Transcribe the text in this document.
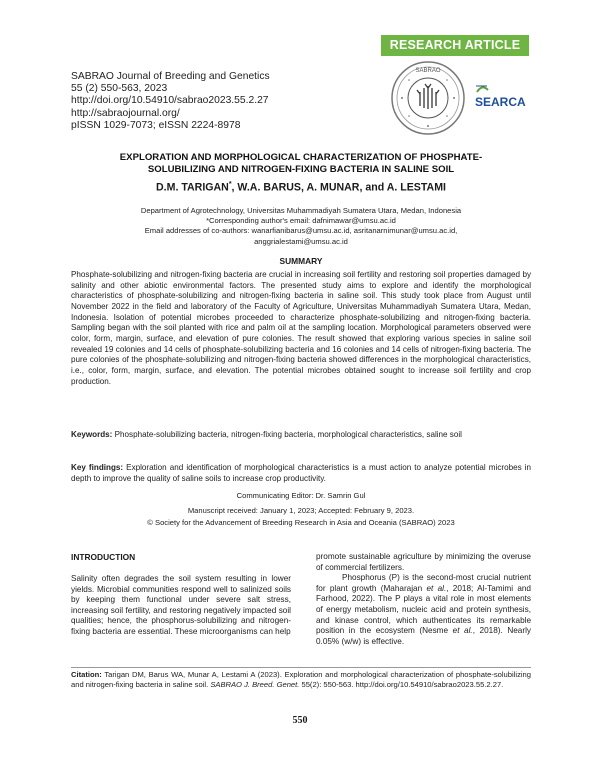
RESEARCH ARTICLE
SABRAO Journal of Breeding and Genetics
55 (2) 550-563, 2023
http://doi.org/10.54910/sabrao2023.55.2.27
http://sabraojournal.org/
pISSN 1029-7073; eISSN 2224-8978
SABRAO
SEARCA
EXPLORATION AND MORPHOLOGICAL CHARACTERIZATION OF PHOSPHATE-
SOLUBILIZING AND NITROGEN-FIXING BACTERIA IN SALINE SOIL
D.M. TARIGAN*, W.A. BARUS, A. MUNAR, and A. LESTAMI
Department of Agrotechnology, Universitas Muhammadiyah Sumatera Utara, Medan, Indonesia
*Corresponding author's email: dafnimawar@umsu.ac.id
Email addresses of co-authors: wanarfianibarus@umsu.ac.id, asritanarnimunar@umsu.ac.id,
anggrialestami@umsu.ac.id
SUMMARY
Phosphate-solubilizing and nitrogen-fixing bacteria are crucial in increasing soil fertility and restoring soil properties damaged by salinity and other abiotic environmental factors. The presented study aims to explore and identify the morphological characteristics of phosphate-solubilizing and nitrogen-fixing bacteria in saline soil. This study took place from August until November 2022 in the field and laboratory of the Faculty of Agriculture, Universitas Muhammadiyah Sumatera Utara, Medan, Indonesia. Isolation of potential microbes proceeded to characterize phosphate-solubilizing and nitrogen-fixing bacteria. Sampling began with the soil planted with rice and palm oil at the sampling location. Morphological parameters observed were color, form, margin, surface, and elevation of pure colonies. The result showed that exploring various species in saline soil revealed 19 colonies and 14 cells of phosphate-solubilizing bacteria and 16 colonies and 14 cells of nitrogen-fixing bacteria. The pure colonies of the phosphate-solubilizing and nitrogen-fixing bacteria showed differences in the morphological characteristics, i.e., color, form, margin, surface, and elevation. The potential microbes obtained sought to increase soil fertility and crop production.
Keywords: Phosphate-solubilizing bacteria, nitrogen-fixing bacteria, morphological characteristics, saline soil
Key findings: Exploration and identification of morphological characteristics is a must action to analyze potential microbes in depth to improve the quality of saline soils to increase crop productivity.
Communicating Editor: Dr. Samrin Gul
Manuscript received: January 1, 2023; Accepted: February 9, 2023.
© Society for the Advancement of Breeding Research in Asia and Oceania (SABRAO) 2023
INTRODUCTION
Salinity often degrades the soil system resulting in lower yields. Microbial communities respond well to salinized soils by keeping them functional under severe salt stress, increasing soil fertility, and restoring negatively impacted soil qualities; hence, the phosphorus-solubilizing and nitrogen-fixing bacteria are essential. These microorganisms can help

promote sustainable agriculture by minimizing the overuse of commercial fertilizers.

Phosphorus (P) is the second-most crucial nutrient for plant growth (Maharajan et al., 2018; Al-Tamimi and Farhood, 2022). The P plays a vital role in most elements of energy metabolism, nucleic acid and protein synthesis, and kinase control, which authenticates its remarkable position in the ecosystem (Nesme et al., 2018). Nearly 0.05% (w/w) is effective.

Citation: Tarigan DM, Barus WA, Munar A, Lestami A (2023). Exploration and morphological characterization of phosphate-solubilizing and nitrogen-fixing bacteria in saline soil. SABRAO J. Breed. Genet. 55(2): 550-563. http://doi.org/10.54910/sabrao2023.55.2.27.
550
